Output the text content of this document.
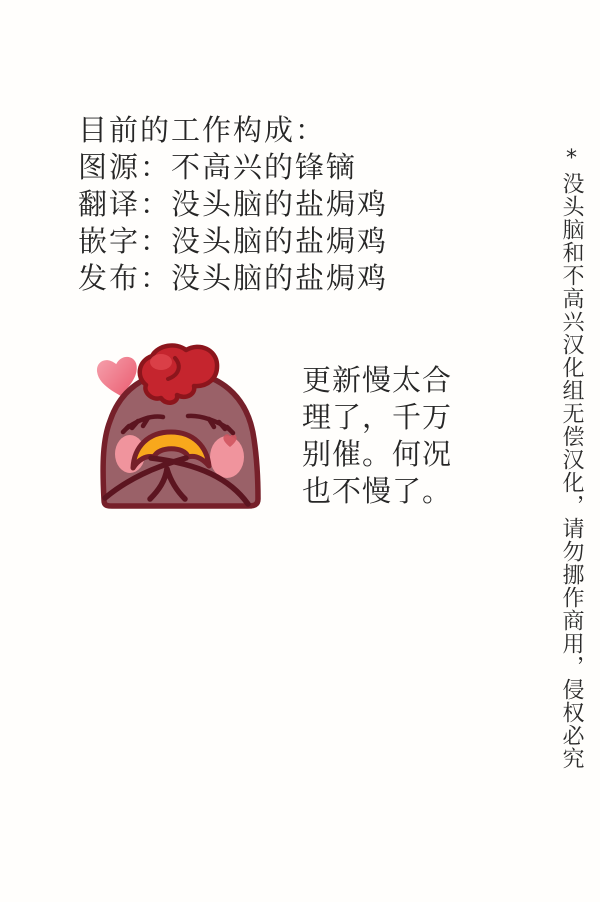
目前的工作构成：
图源：不高兴的锋镝
翻译：没头脑的盐焗鸡
嵌字：没头脑的盐焗鸡
发布：没头脑的盐焗鸡
更新慢太合
理了，千万
别催。何况
也不慢了。	*没头脑和不高兴汉化组无偿汉化，请勿挪作商用，侵权必究
